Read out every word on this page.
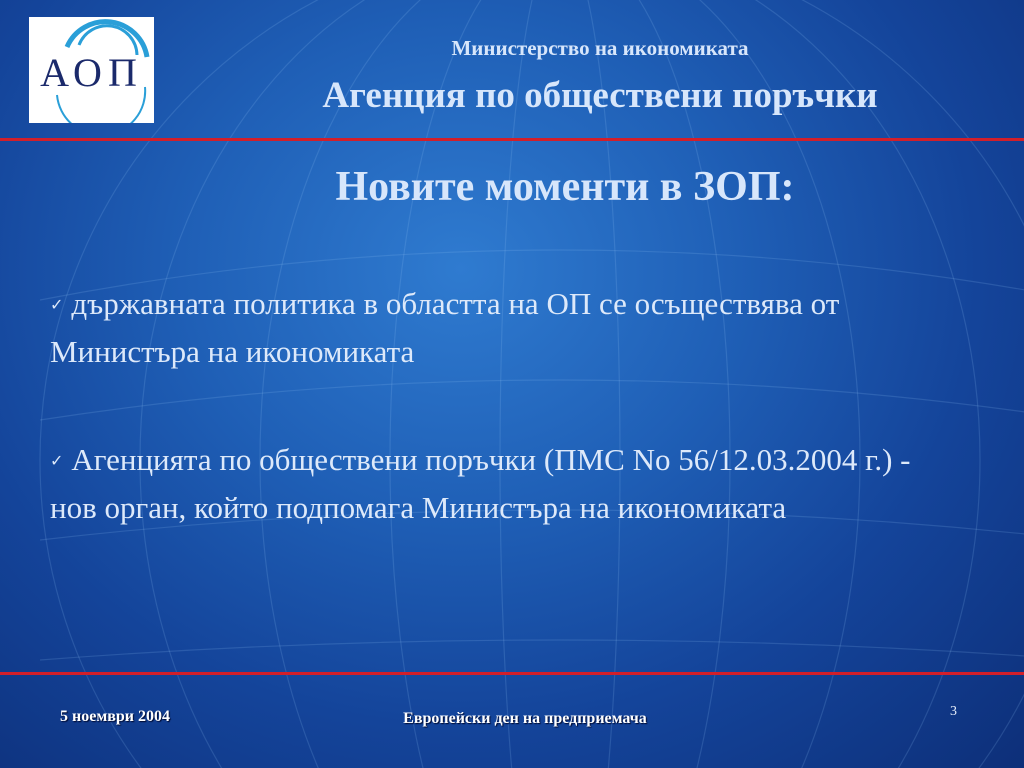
АОП
Министерство на икономиката
Агенция по обществени поръчки
Новите моменти в ЗОП:
✓ държавната политика в областта на ОП се осъществява от Министъра на икономиката
✓ Агенцията по обществени поръчки (ПМС No 56/12.03.2004 г.) - нов орган, който подпомага Министъра на икономиката
5 ноември 2004	Европейски ден на предприемача	3
